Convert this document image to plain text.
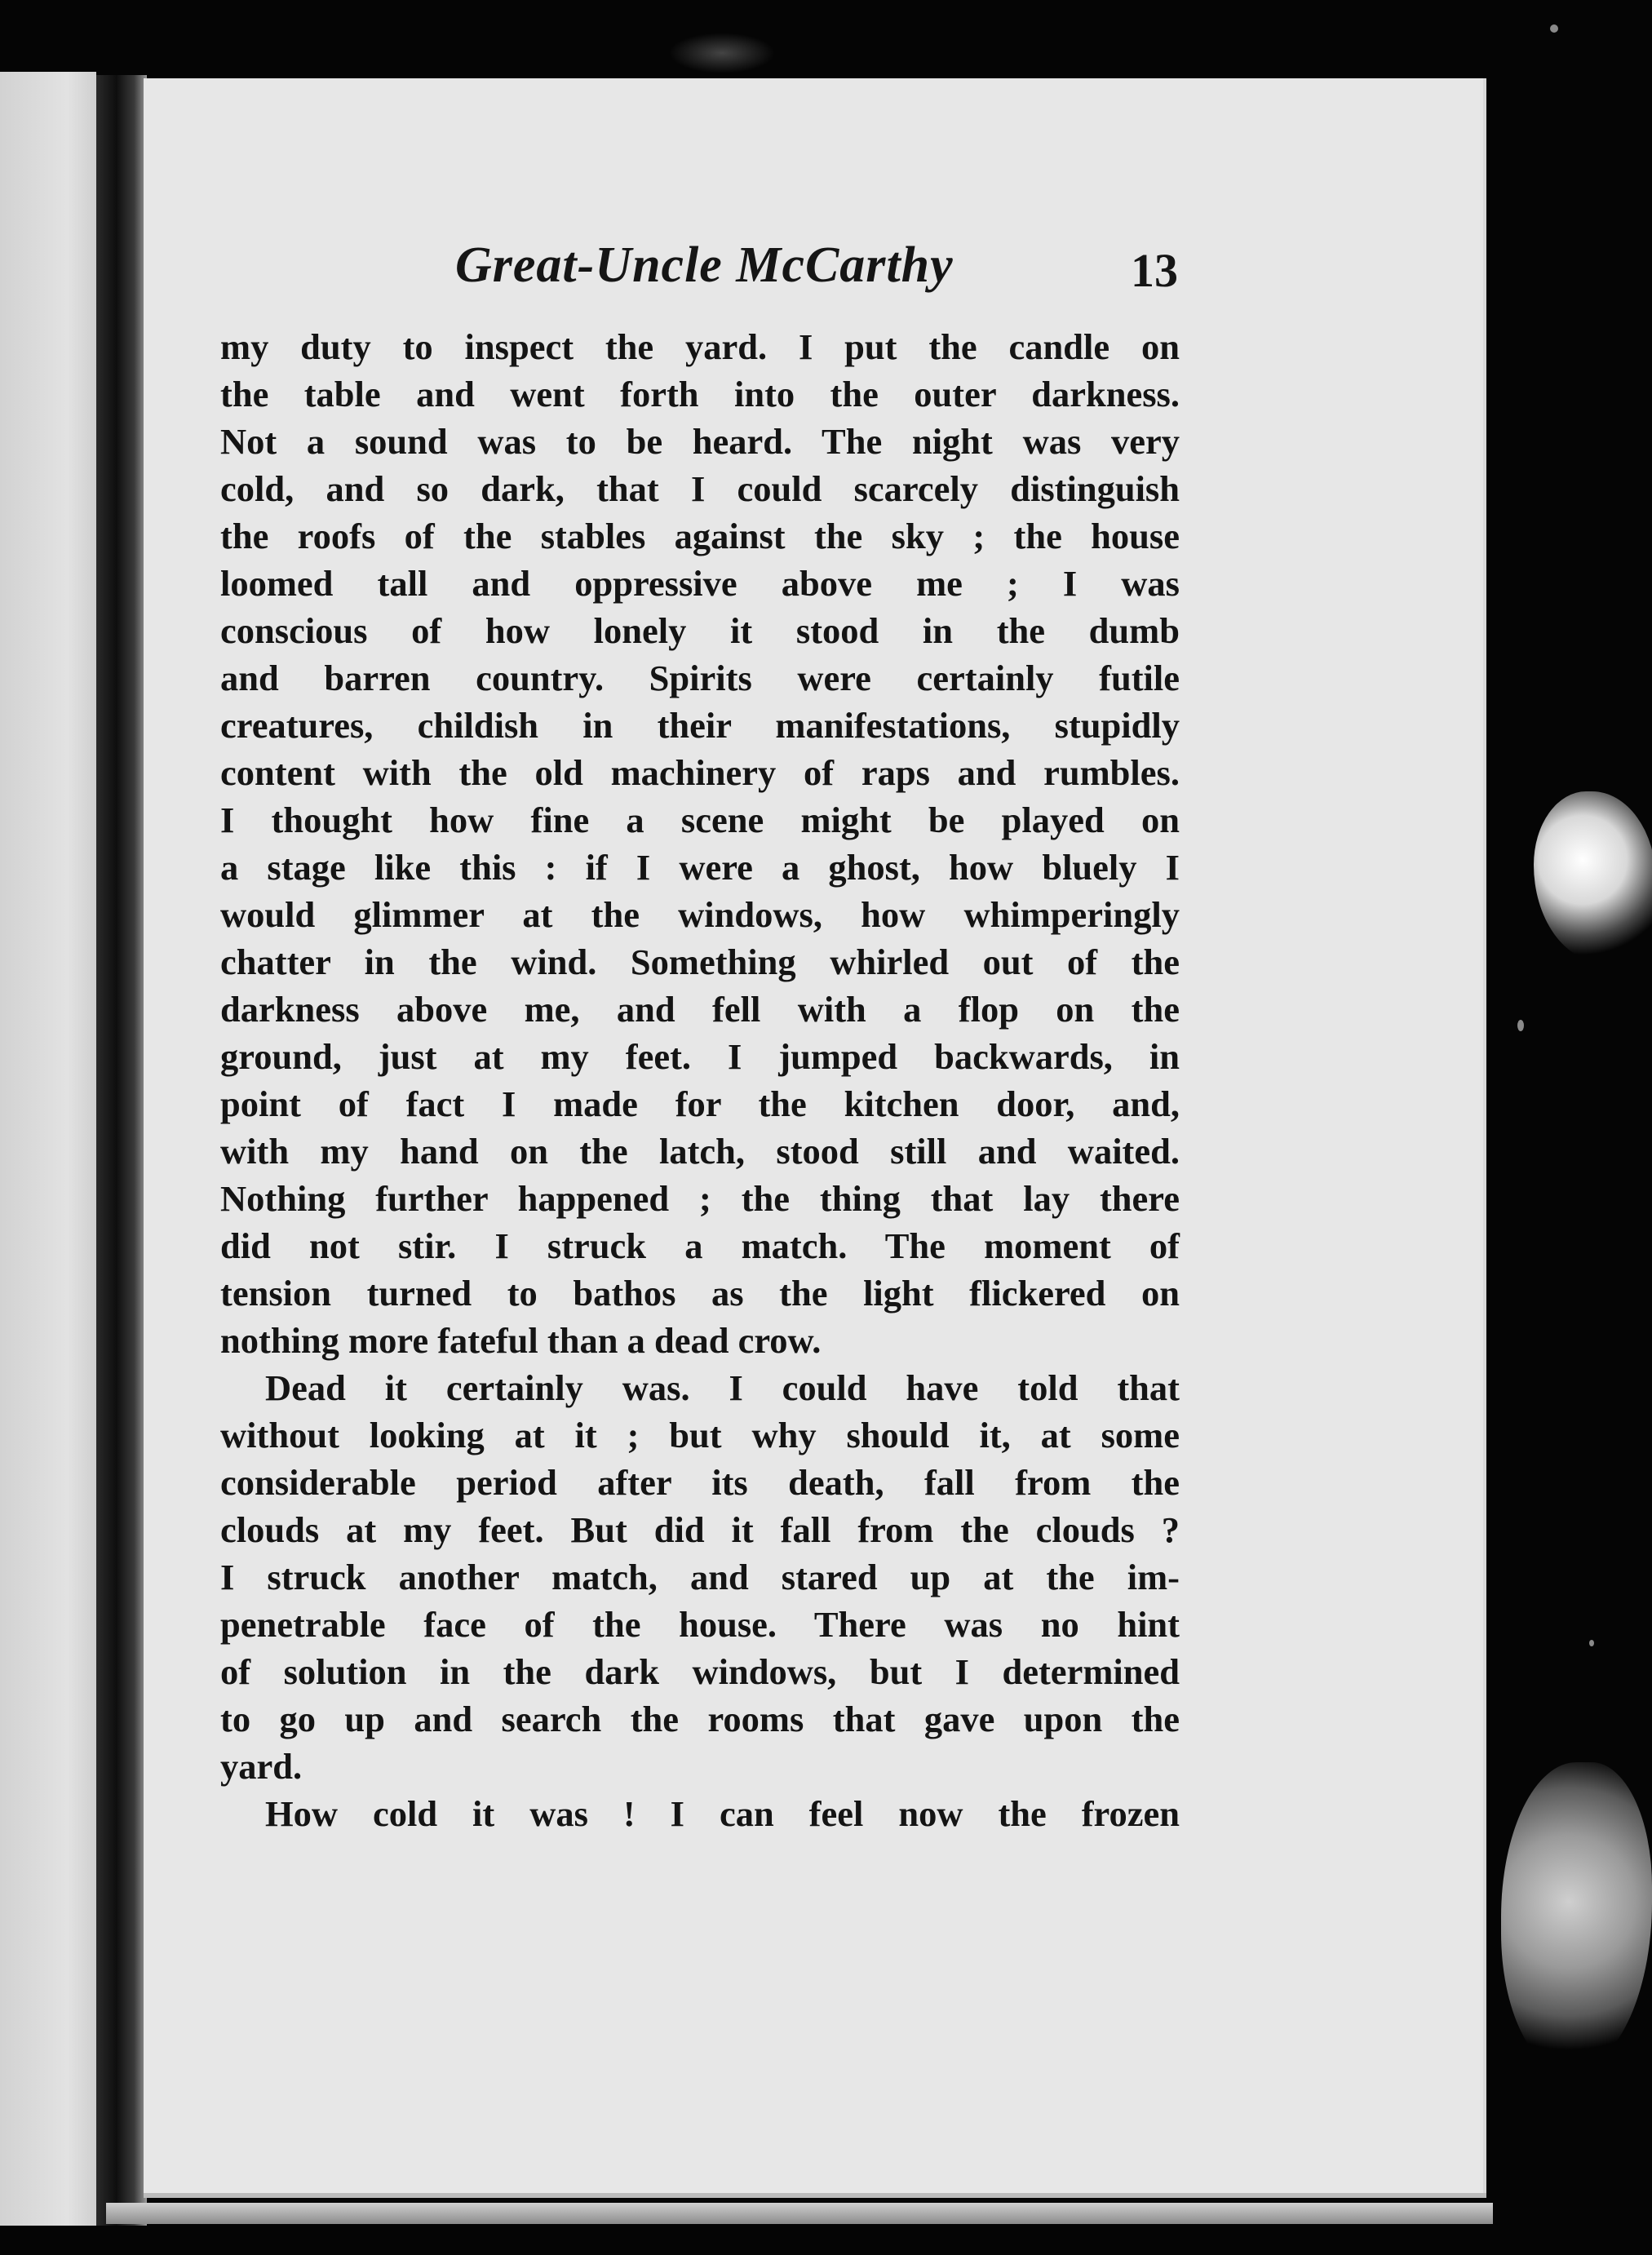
Great-Uncle McCarthy	13
my duty to inspect the yard. I put the candle on
the table and went forth into the outer darkness.
Not a sound was to be heard. The night was very
cold, and so dark, that I could scarcely distinguish
the roofs of the stables against the sky ; the house
loomed tall and oppressive above me ; I was
conscious of how lonely it stood in the dumb
and barren country. Spirits were certainly futile
creatures, childish in their manifestations, stupidly
content with the old machinery of raps and rumbles.
I thought how fine a scene might be played on
a stage like this : if I were a ghost, how bluely I
would glimmer at the windows, how whimperingly
chatter in the wind. Something whirled out of the
darkness above me, and fell with a flop on the
ground, just at my feet. I jumped backwards, in
point of fact I made for the kitchen door, and,
with my hand on the latch, stood still and waited.
Nothing further happened ; the thing that lay there
did not stir. I struck a match. The moment of
tension turned to bathos as the light flickered on
nothing more fateful than a dead crow.
Dead it certainly was. I could have told that
without looking at it ; but why should it, at some
considerable period after its death, fall from the
clouds at my feet. But did it fall from the clouds ?
I struck another match, and stared up at the im-
penetrable face of the house. There was no hint
of solution in the dark windows, but I determined
to go up and search the rooms that gave upon the
yard.
How cold it was ! I can feel now the frozen
